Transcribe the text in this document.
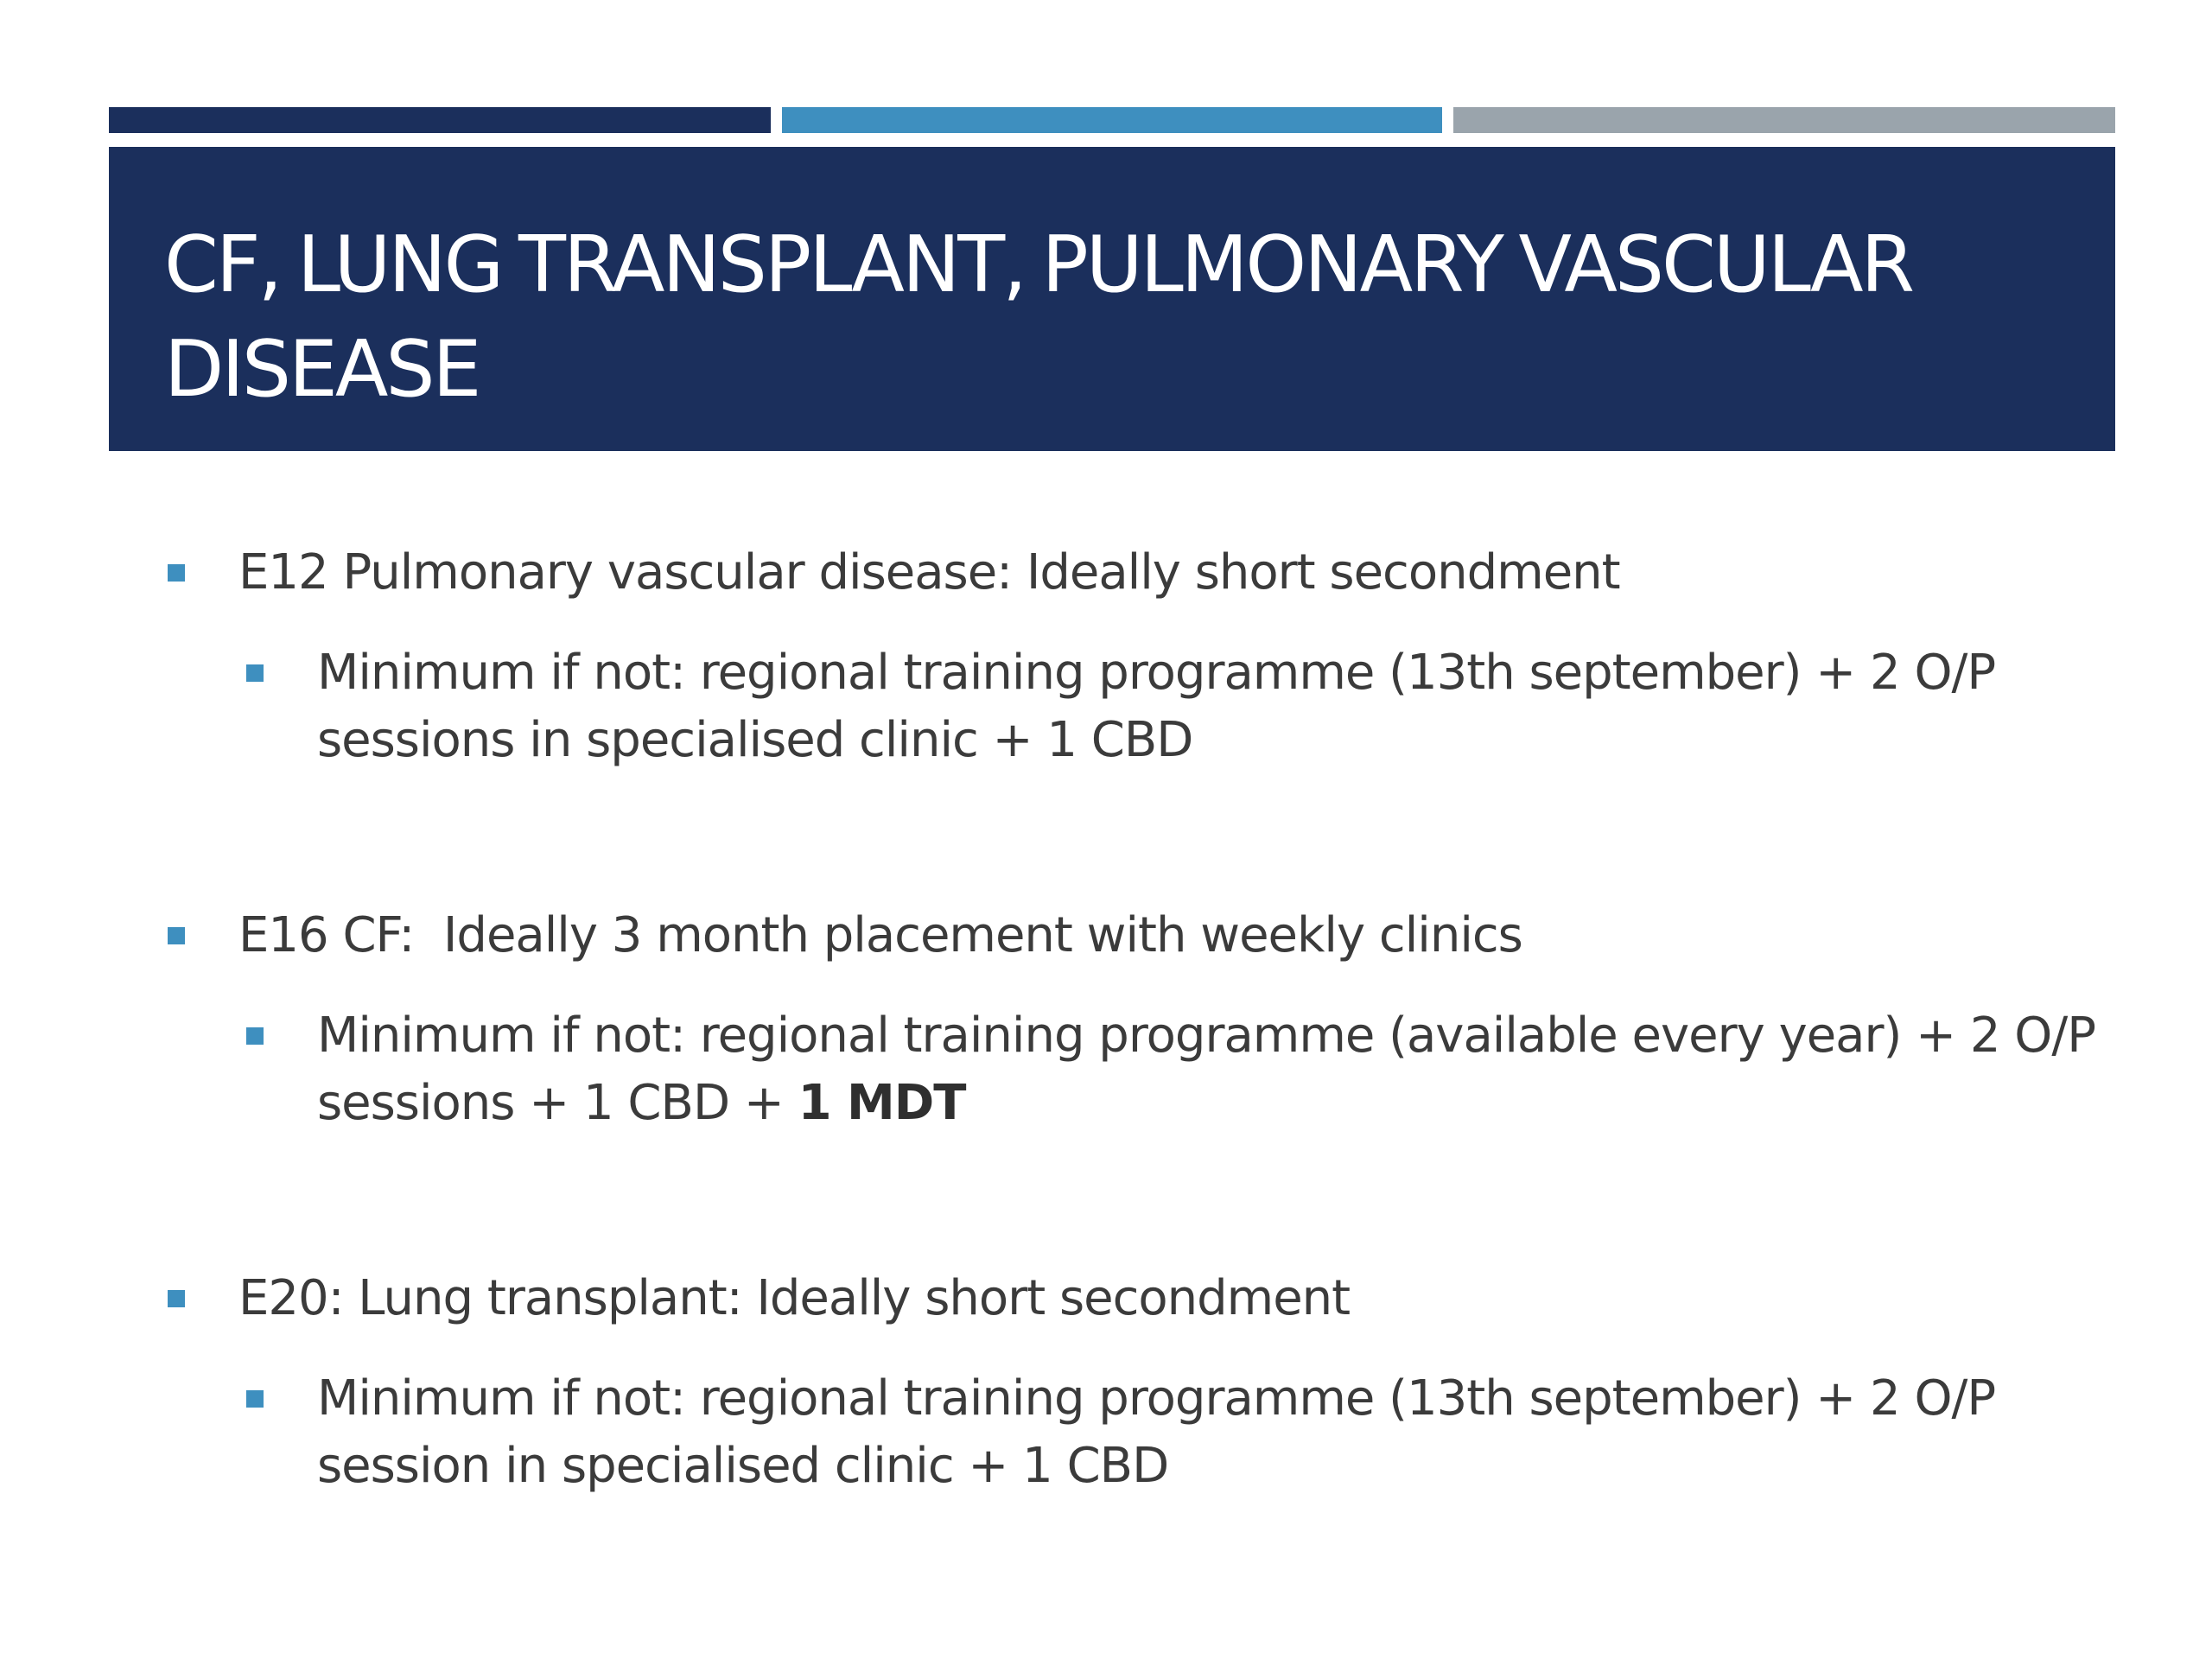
CF, LUNG TRANSPLANT, PULMONARY VASCULAR DISEASE
E12 Pulmonary vascular disease: Ideally short secondment
Minimum if not: regional training programme (13th september) + 2 O/P sessions in specialised clinic + 1 CBD
E16 CF:  Ideally 3 month placement with weekly clinics
Minimum if not: regional training programme (available every year) + 2 O/P sessions + 1 CBD + 1 MDT
E20: Lung transplant: Ideally short secondment
Minimum if not: regional training programme (13th september) + 2 O/P session in specialised clinic + 1 CBD
